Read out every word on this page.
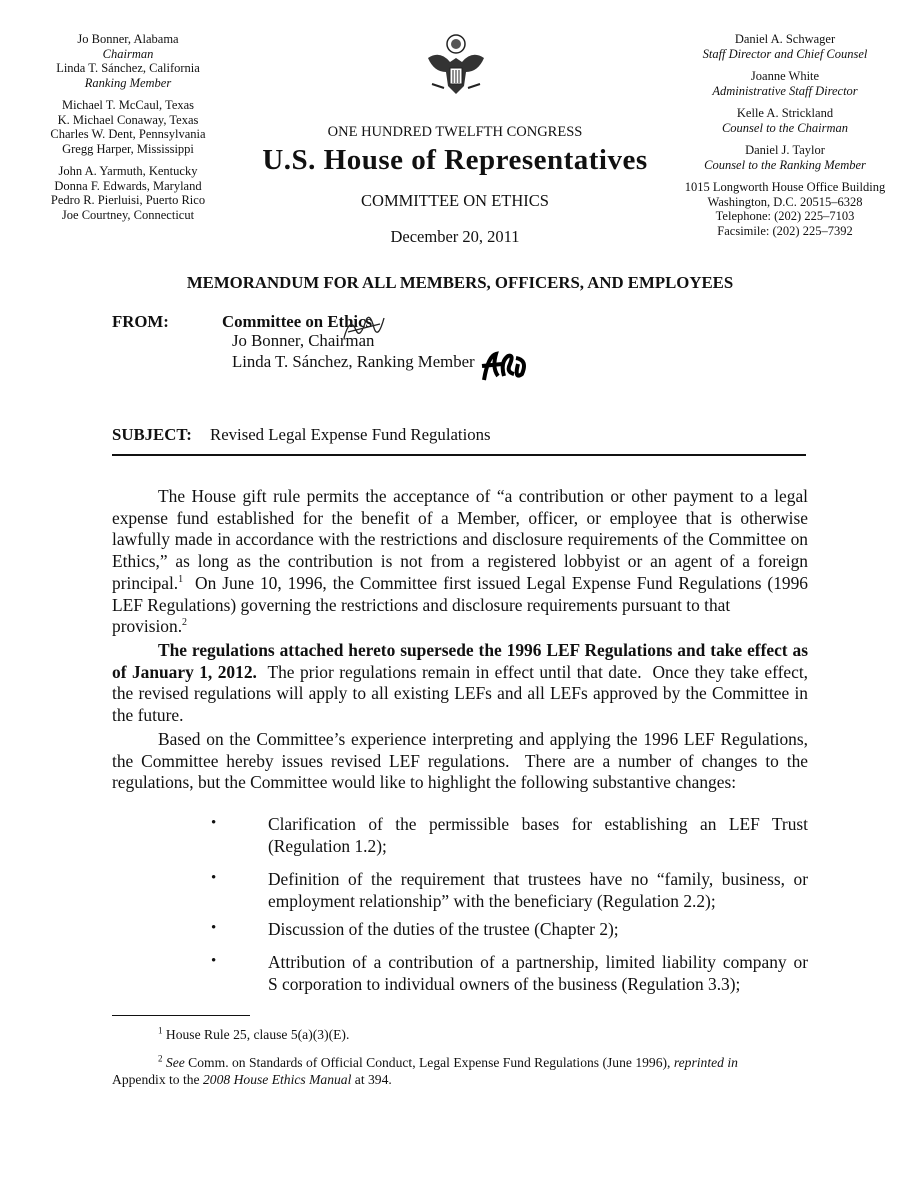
Jo Bonner, Alabama
Chairman
Linda T. Sánchez, California
Ranking Member
Michael T. McCaul, Texas
K. Michael Conaway, Texas
Charles W. Dent, Pennsylvania
Gregg Harper, Mississippi
John A. Yarmuth, Kentucky
Donna F. Edwards, Maryland
Pedro R. Pierluisi, Puerto Rico
Joe Courtney, Connecticut
Daniel A. Schwager
Staff Director and Chief Counsel
Joanne White
Administrative Staff Director
Kelle A. Strickland
Counsel to the Chairman
Daniel J. Taylor
Counsel to the Ranking Member
1015 Longworth House Office Building
Washington, D.C. 20515–6328
Telephone: (202) 225–7103
Facsimile: (202) 225–7392
ONE HUNDRED TWELFTH CONGRESS
U.S. House of Representatives
COMMITTEE ON ETHICS
December 20, 2011
MEMORANDUM FOR ALL MEMBERS, OFFICERS, AND EMPLOYEES
FROM:	Committee on Ethics
Jo Bonner, Chairman
Linda T. Sánchez, Ranking Member
SUBJECT: Revised Legal Expense Fund Regulations
The House gift rule permits the acceptance of “a contribution or other payment to a legal
expense fund established for the benefit of a Member, officer, or employee that is otherwise
lawfully made in accordance with the restrictions and disclosure requirements of the Committee on
Ethics,” as long as the contribution is not from a registered lobbyist or an agent of a foreign
principal.$^1$  On June 10, 1996, the Committee first issued Legal Expense Fund Regulations (1996
LEF Regulations) governing the restrictions and disclosure requirements pursuant to that provision.$^2$
The regulations attached hereto supersede the 1996 LEF Regulations and take effect as
of January 1, 2012.  The prior regulations remain in effect until that date.  Once they take effect,
the revised regulations will apply to all existing LEFs and all LEFs approved by the Committee in
the future.
Based on the Committee’s experience interpreting and applying the 1996 LEF Regulations,
the Committee hereby issues revised LEF regulations.  There are a number of changes to the
regulations, but the Committee would like to highlight the following substantive changes:
•	Clarification of the permissible bases for establishing an LEF Trust
(Regulation 1.2);
•	Definition of the requirement that trustees have no “family, business, or
employment relationship” with the beneficiary (Regulation 2.2);
•	Discussion of the duties of the trustee (Chapter 2);
•	Attribution of a contribution of a partnership, limited liability company or
S corporation to individual owners of the business (Regulation 3.3);
$^1$ House Rule 25, clause 5(a)(3)(E).
$^2$ See Comm. on Standards of Official Conduct, Legal Expense Fund Regulations (June 1996), reprinted in
Appendix to the 2008 House Ethics Manual at 394.
